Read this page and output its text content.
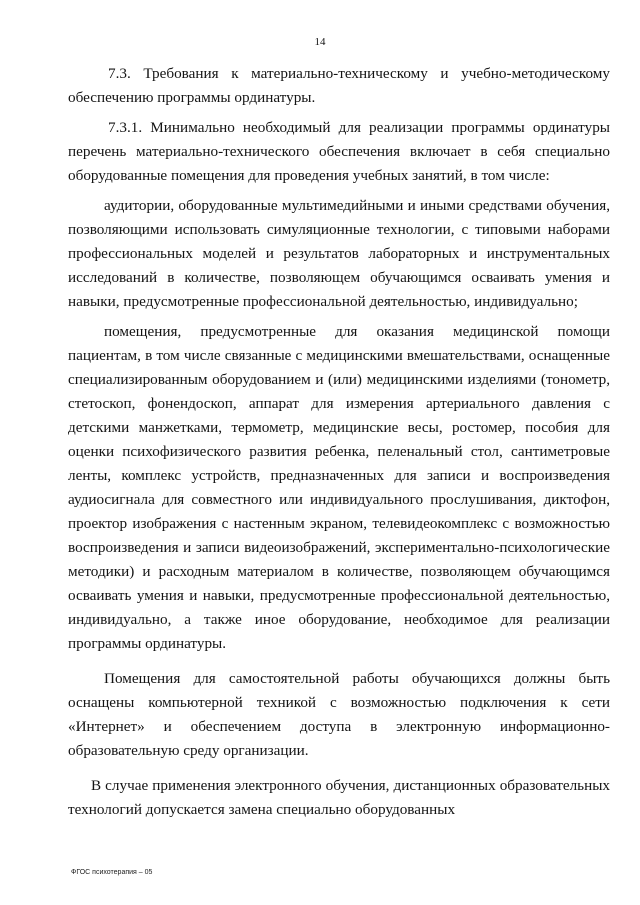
14

7.3. Требования к материально-техническому и учебно-методическому обеспечению программы ординатуры.

7.3.1. Минимально необходимый для реализации программы ординатуры перечень материально-технического обеспечения включает в себя специально оборудованные помещения для проведения учебных занятий, в том числе:

аудитории, оборудованные мультимедийными и иными средствами обучения, позволяющими использовать симуляционные технологии, с типовыми наборами профессиональных моделей и результатов лабораторных и инструментальных исследований в количестве, позволяющем обучающимся осваивать умения и навыки, предусмотренные профессиональной деятельностью, индивидуально;

помещения, предусмотренные для оказания медицинской помощи пациентам, в том числе связанные с медицинскими вмешательствами, оснащенные специализированным оборудованием и (или) медицинскими изделиями (тонометр, стетоскоп, фонендоскоп, аппарат для измерения артериального давления с детскими манжетками, термометр, медицинские весы, ростомер, пособия для оценки психофизического развития ребенка, пеленальный стол, сантиметровые ленты, комплекс устройств, предназначенных для записи и воспроизведения аудиосигнала для совместного или индивидуального прослушивания, диктофон, проектор изображения с настенным экраном, телевидеокомплекс с возможностью воспроизведения и записи видеоизображений, экспериментально-психологические методики) и расходным материалом в количестве, позволяющем обучающимся осваивать умения и навыки, предусмотренные профессиональной деятельностью, индивидуально, а также иное оборудование, необходимое для реализации программы ординатуры.

Помещения для самостоятельной работы обучающихся должны быть оснащены компьютерной техникой с возможностью подключения к сети «Интернет» и обеспечением доступа в электронную информационно-образовательную среду организации.

В случае применения электронного обучения, дистанционных образовательных технологий допускается замена специально оборудованных

ФГОС психотерапия – 05
